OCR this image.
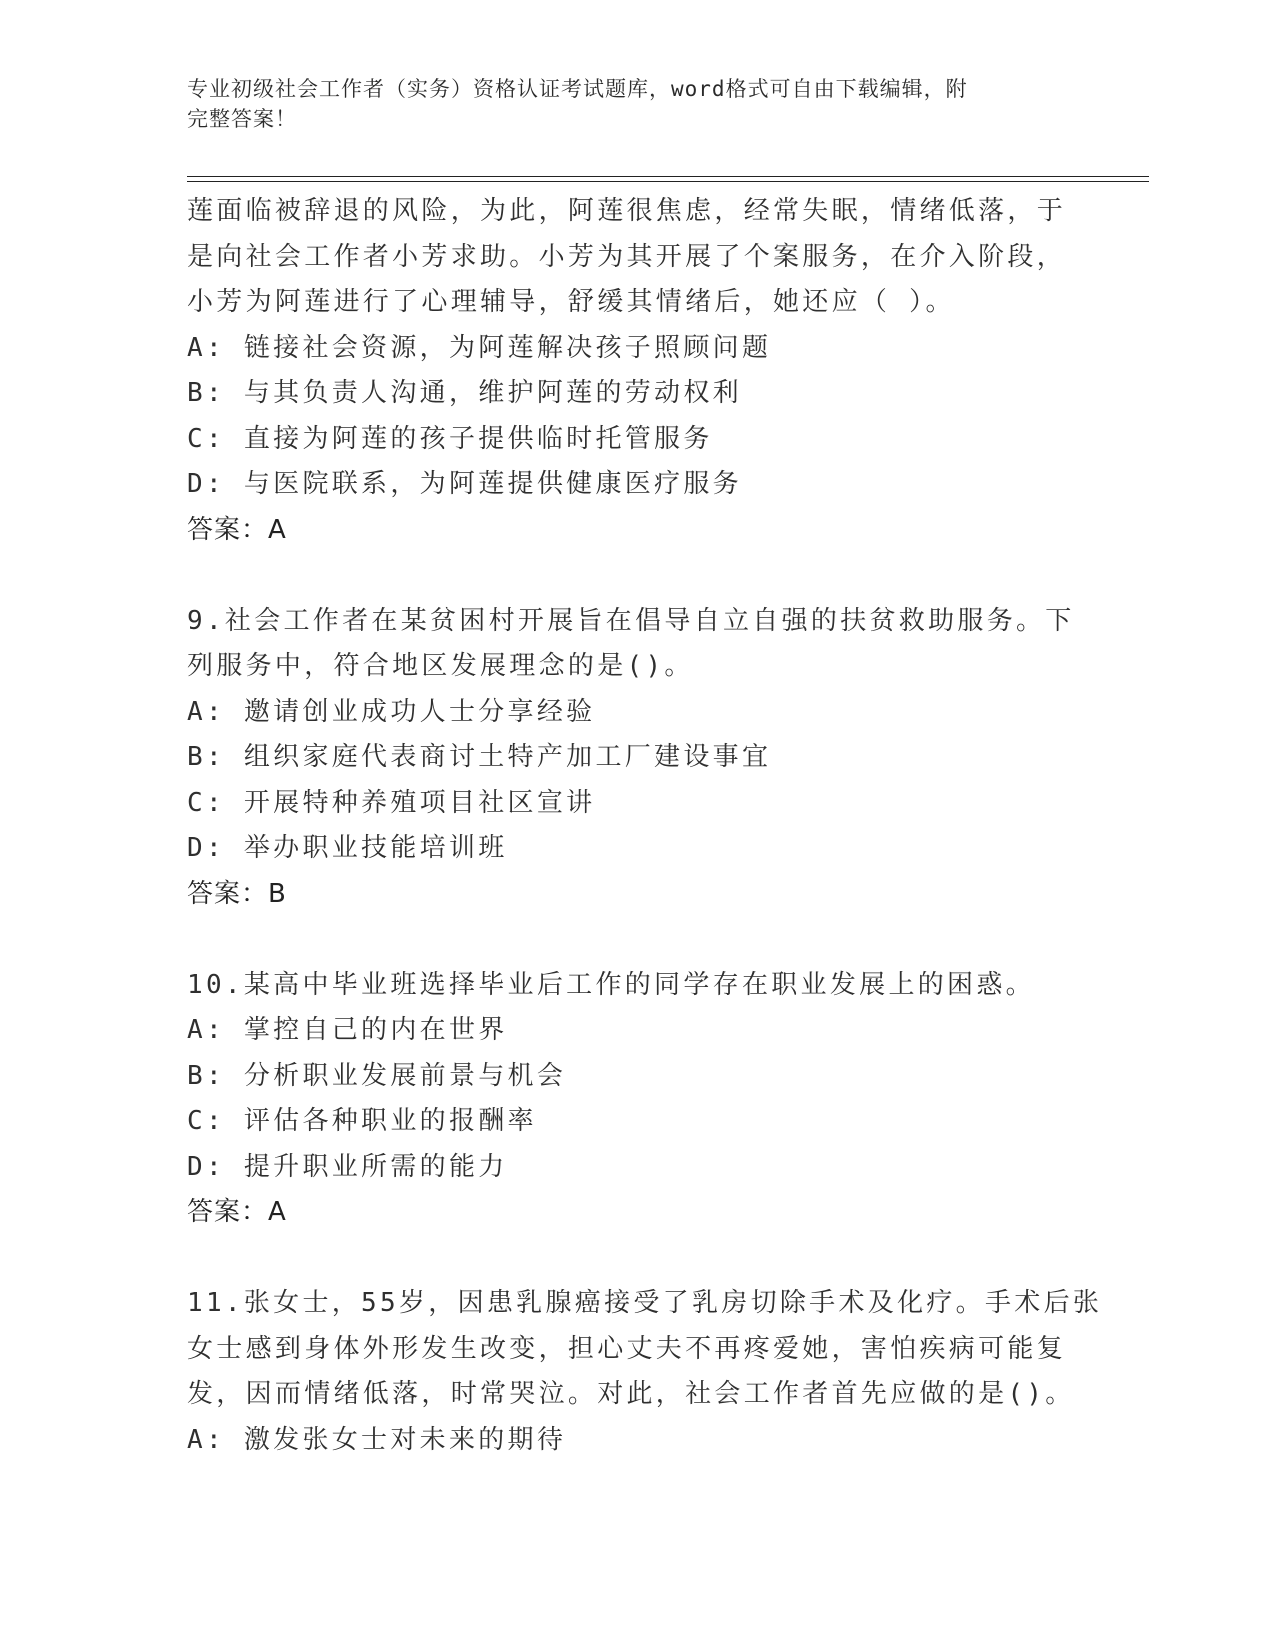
专业初级社会工作者（实务）资格认证考试题库，word格式可自由下载编辑，附
完整答案！
莲面临被辞退的风险，为此，阿莲很焦虑，经常失眠，情绪低落，于
是向社会工作者小芳求助。小芳为其开展了个案服务，在介入阶段，
小芳为阿莲进行了心理辅导，舒缓其情绪后，她还应（ ）。
A: 链接社会资源，为阿莲解决孩子照顾问题
B: 与其负责人沟通，维护阿莲的劳动权利
C: 直接为阿莲的孩子提供临时托管服务
D: 与医院联系，为阿莲提供健康医疗服务
答案：A
9.社会工作者在某贫困村开展旨在倡导自立自强的扶贫救助服务。下
列服务中，符合地区发展理念的是()。
A: 邀请创业成功人士分享经验
B: 组织家庭代表商讨土特产加工厂建设事宜
C: 开展特种养殖项目社区宣讲
D: 举办职业技能培训班
答案：B
10.某高中毕业班选择毕业后工作的同学存在职业发展上的困惑。
A: 掌控自己的内在世界
B: 分析职业发展前景与机会
C: 评估各种职业的报酬率
D: 提升职业所需的能力
答案：A
11.张女士，55岁，因患乳腺癌接受了乳房切除手术及化疗。手术后张
女士感到身体外形发生改变，担心丈夫不再疼爱她，害怕疾病可能复
发，因而情绪低落，时常哭泣。对此，社会工作者首先应做的是()。
A: 激发张女士对未来的期待
